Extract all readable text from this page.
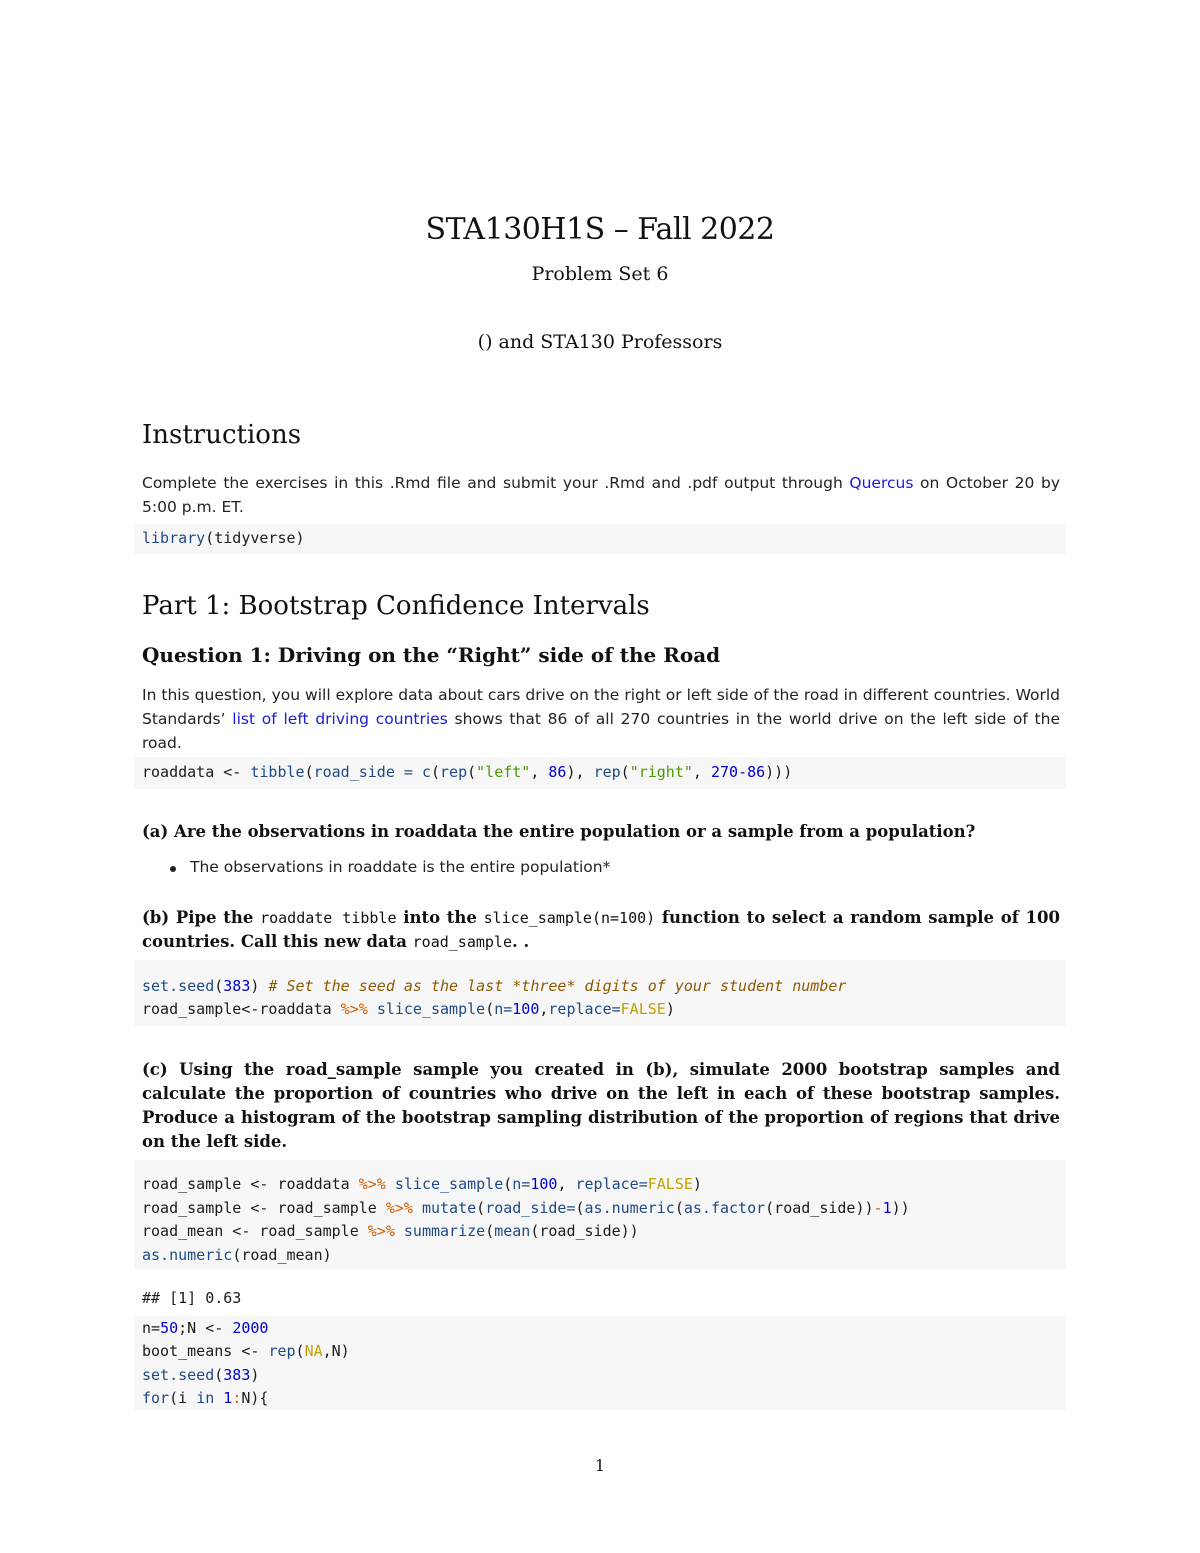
STA130H1S – Fall 2022
Problem Set 6
() and STA130 Professors
Instructions
Complete the exercises in this .Rmd file and submit your .Rmd and .pdf output through Quercus on October 20 by 5:00 p.m. ET.
library(tidyverse)
Part 1: Bootstrap Confidence Intervals
Question 1: Driving on the “Right” side of the Road
In this question, you will explore data about cars drive on the right or left side of the road in different countries. World Standards’ list of left driving countries shows that 86 of all 270 countries in the world drive on the left side of the road.
roaddata <- tibble(road_side = c(rep("left", 86), rep("right", 270-86)))
(a) Are the observations in roaddata the entire population or a sample from a population?
The observations in roaddate is the entire population*
(b) Pipe the roaddate tibble into the slice_sample(n=100) function to select a random sample of 100 countries. Call this new data road_sample. .
set.seed(383) # Set the seed as the last *three* digits of your student number
road_sample<-roaddata %>% slice_sample(n=100,replace=FALSE)
(c) Using the road_sample sample you created in (b), simulate 2000 bootstrap samples and calculate the proportion of countries who drive on the left in each of these bootstrap samples. Produce a histogram of the bootstrap sampling distribution of the proportion of regions that drive on the left side.
road_sample <- roaddata %>% slice_sample(n=100, replace=FALSE)
road_sample <- road_sample %>% mutate(road_side=(as.numeric(as.factor(road_side))-1))
road_mean <- road_sample %>% summarize(mean(road_side))
as.numeric(road_mean)
## [1] 0.63
n=50;N <- 2000
boot_means <- rep(NA,N)
set.seed(383)
for(i in 1:N){
1
